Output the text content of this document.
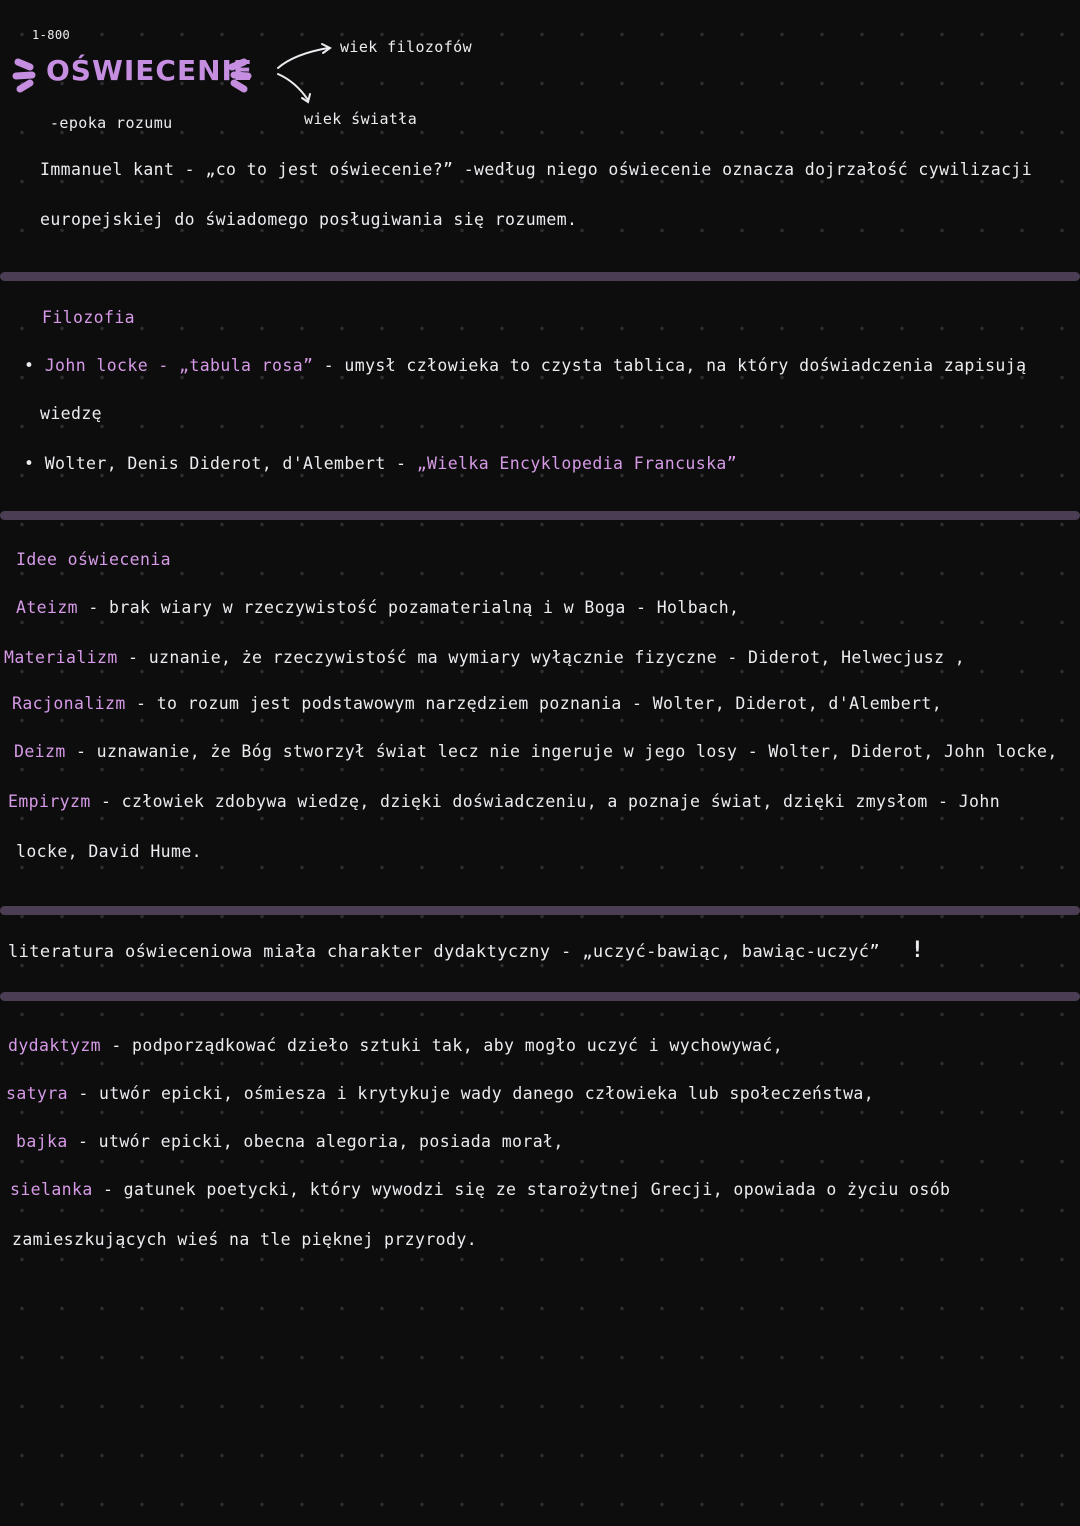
1-800
OŚWIECENIE
wiek filozofów
wiek światła
-epoka rozumu
Immanuel kant - „co to jest oświecenie?” -według niego oświecenie oznacza dojrzałość cywilizacji
europejskiej do świadomego posługiwania się rozumem.
Filozofia
• John locke - „tabula rosa” - umysł człowieka to czysta tablica, na który doświadczenia zapisują
wiedzę
• Wolter, Denis Diderot, d'Alembert - „Wielka Encyklopedia Francuska”
Idee oświecenia
Ateizm - brak wiary w rzeczywistość pozamaterialną i w Boga - Holbach,
Materializm - uznanie, że rzeczywistość ma wymiary wyłącznie fizyczne - Diderot, Helwecjusz ,
Racjonalizm - to rozum jest podstawowym narzędziem poznania - Wolter, Diderot, d'Alembert,
Deizm - uznawanie, że Bóg stworzył świat lecz nie ingeruje w jego losy - Wolter, Diderot, John locke,
Empiryzm - człowiek zdobywa wiedzę, dzięki doświadczeniu, a poznaje świat, dzięki zmysłom - John
locke, David Hume.
literatura oświeceniowa miała charakter dydaktyczny - „uczyć-bawiąc, bawiąc-uczyć” !
dydaktyzm - podporządkować dzieło sztuki tak, aby mogło uczyć i wychowywać,
satyra - utwór epicki, ośmiesza i krytykuje wady danego człowieka lub społeczeństwa,
bajka - utwór epicki, obecna alegoria, posiada morał,
sielanka - gatunek poetycki, który wywodzi się ze starożytnej Grecji, opowiada o życiu osób
zamieszkujących wieś na tle pięknej przyrody.
